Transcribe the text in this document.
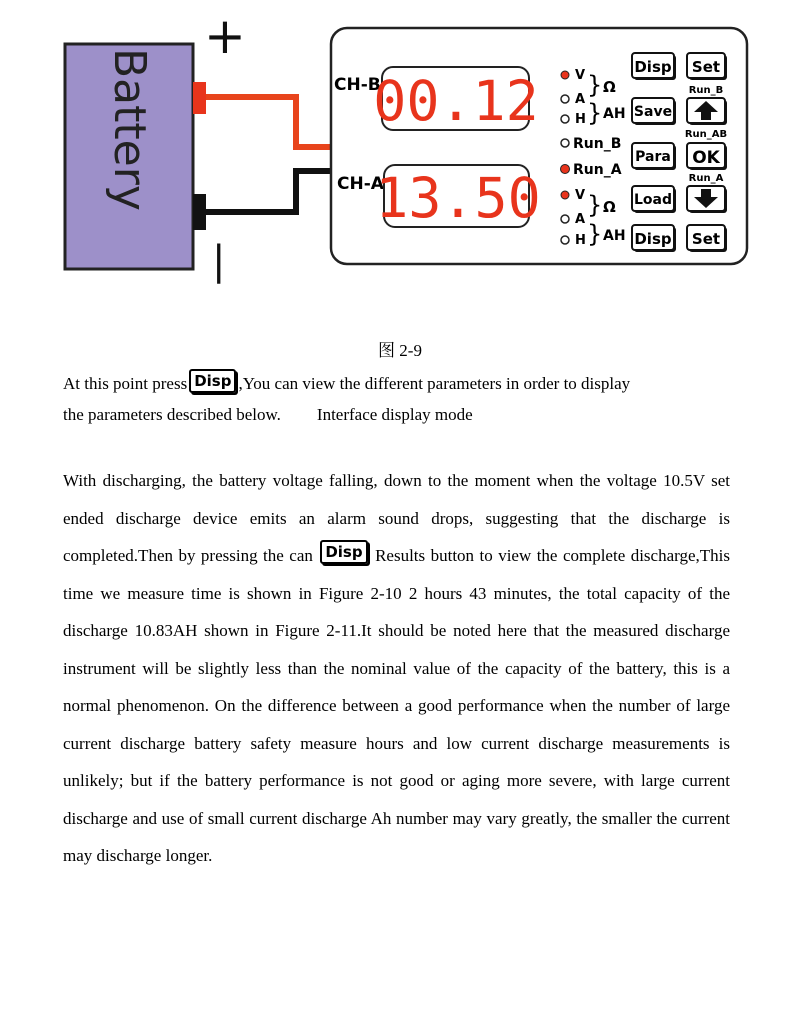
Battery
+
|
CH-B
CH-A
00.12
13.50
V
A
H
}
}
Ω
AH
Run_B
Run_A
V
A
H
}
}
Ω
AH
Disp Set
Run_B
Save
Run_AB
Para OK
Run_A
Load
Disp Set
图 2-9
At this point press Disp ,You can view the different parameters in order to display
the parameters described below. Interface display mode
With discharging, the battery voltage falling, down to the moment when the voltage 10.5V set ended discharge device emits an alarm sound drops, suggesting that the discharge is completed.Then by pressing the can Disp Results button to view the complete discharge,This time we measure time is shown in Figure 2-10 2 hours 43 minutes, the total capacity of the discharge 10.83AH shown in Figure 2-11.It should be noted here that the measured discharge instrument will be slightly less than the nominal value of the capacity of the battery, this is a normal phenomenon. On the difference between a good performance when the number of large current discharge battery safety measure hours and low current discharge measurements is unlikely; but if the battery performance is not good or aging more severe, with large current discharge and use of small current discharge Ah number may vary greatly, the smaller the current may discharge longer.
